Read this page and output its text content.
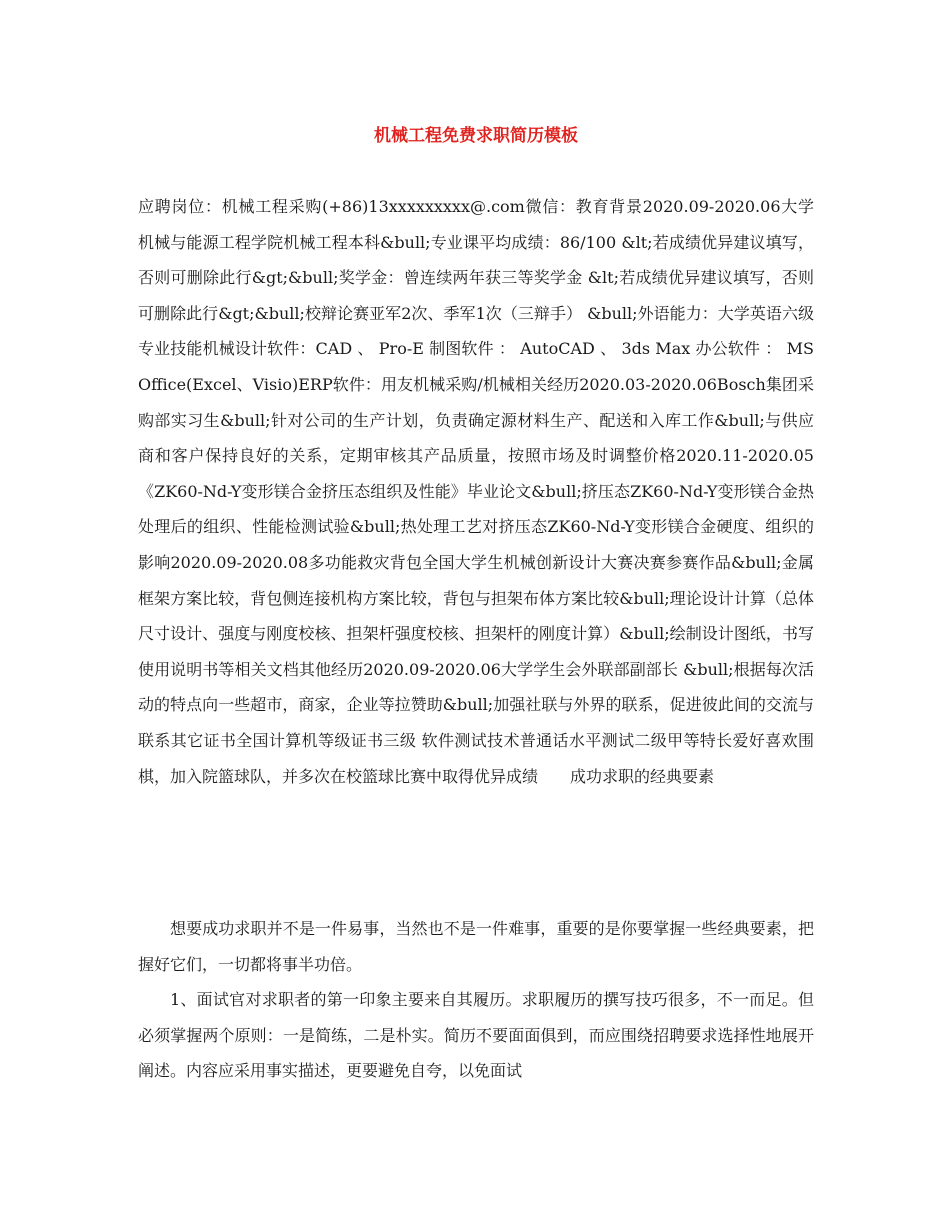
机械工程免费求职简历模板

应聘岗位：机械工程采购(+86)13xxxxxxxxx@.com微信：教育背景2020.09-2020.06大学机械与能源工程学院机械工程本科&bull;专业课平均成绩：86/100 &lt;若成绩优异建议填写，否则可删除此行&gt;&bull;奖学金：曾连续两年获三等奖学金 &lt;若成绩优异建议填写，否则可删除此行&gt;&bull;校辩论赛亚军2次、季军1次（三辩手） &bull;外语能力：大学英语六级专业技能机械设计软件：CAD 、 Pro-E 制图软件 ： AutoCAD 、 3ds Max 办公软件 ： MS Office(Excel、Visio)ERP软件：用友机械采购/机械相关经历2020.03-2020.06Bosch集团采购部实习生&bull;针对公司的生产计划，负责确定源材料生产、配送和入库工作&bull;与供应商和客户保持良好的关系，定期审核其产品质量，按照市场及时调整价格2020.11-2020.05《ZK60-Nd-Y变形镁合金挤压态组织及性能》毕业论文&bull;挤压态ZK60-Nd-Y变形镁合金热处理后的组织、性能检测试验&bull;热处理工艺对挤压态ZK60-Nd-Y变形镁合金硬度、组织的影响2020.09-2020.08多功能救灾背包全国大学生机械创新设计大赛决赛参赛作品&bull;金属框架方案比较，背包侧连接机构方案比较，背包与担架布体方案比较&bull;理论设计计算（总体尺寸设计、强度与刚度校核、担架杆强度校核、担架杆的刚度计算）&bull;绘制设计图纸，书写使用说明书等相关文档其他经历2020.09-2020.06大学学生会外联部副部长 &bull;根据每次活动的特点向一些超市，商家，企业等拉赞助&bull;加强社联与外界的联系，促进彼此间的交流与联系其它证书全国计算机等级证书三级 软件测试技术普通话水平测试二级甲等特长爱好喜欢围棋，加入院篮球队，并多次在校篮球比赛中取得优异成绩　　成功求职的经典要素

想要成功求职并不是一件易事，当然也不是一件难事，重要的是你要掌握一些经典要素，把握好它们，一切都将事半功倍。

1、面试官对求职者的第一印象主要来自其履历。求职履历的撰写技巧很多，不一而足。但必须掌握两个原则：一是简练，二是朴实。简历不要面面俱到，而应围绕招聘要求选择性地展开阐述。内容应采用事实描述，更要避免自夸，以免面试
